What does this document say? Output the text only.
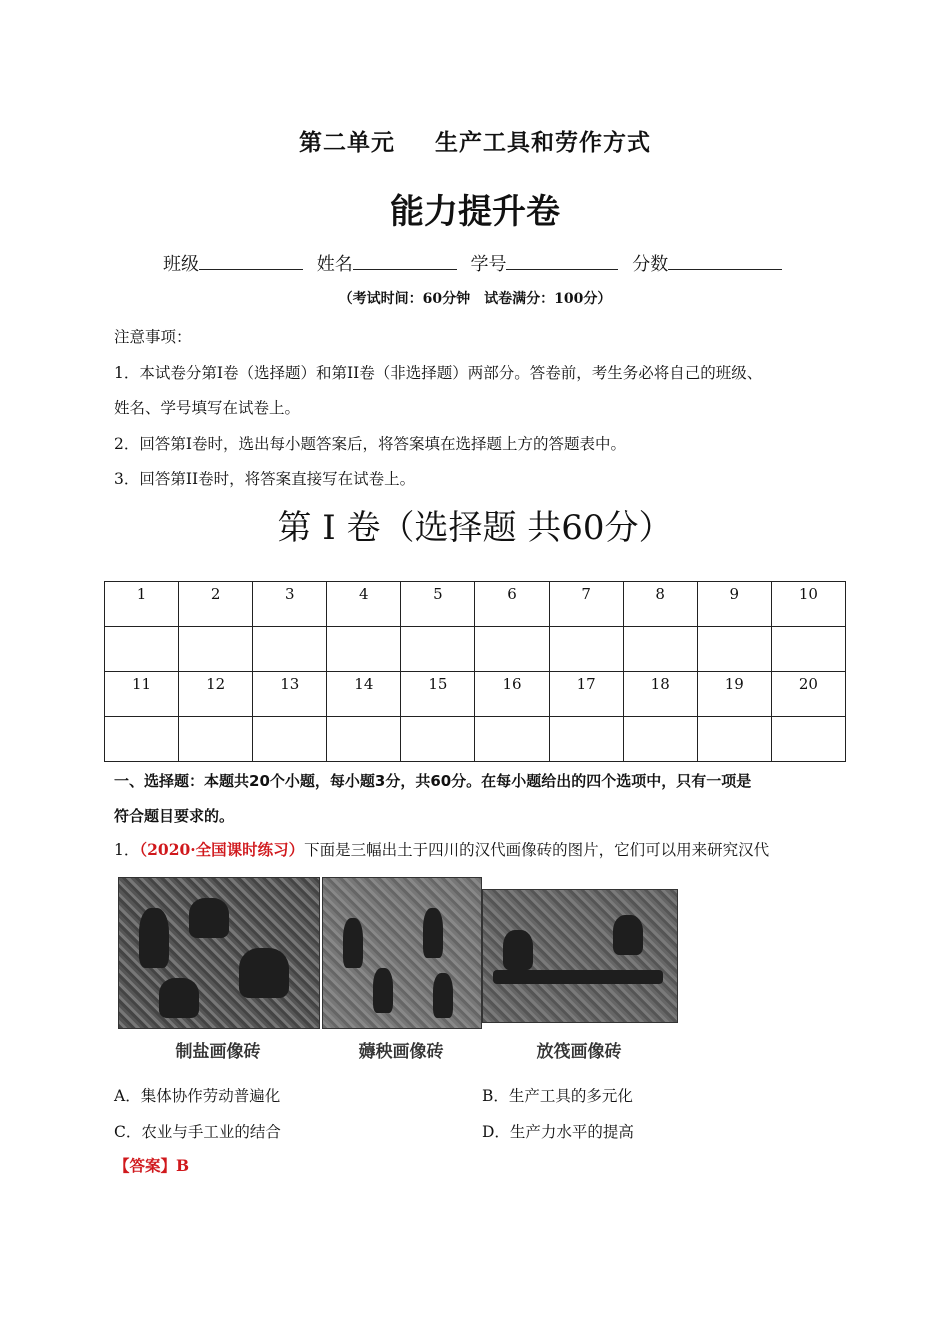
第二单元 生产工具和劳作方式
能力提升卷
班级	姓名	学号	分数
（考试时间：60分钟　试卷满分：100分）

注意事项：

1．本试卷分第I卷（选择题）和第II卷（非选择题）两部分。答卷前，考生务必将自己的班级、

姓名、学号填写在试卷上。

2．回答第I卷时，选出每小题答案后，将答案填在选择题上方的答题表中。

3．回答第II卷时，将答案直接写在试卷上。

第 I 卷（选择题 共60分）
1	2	3	4	5	6	7	8	9	10

11	12	13	14	15	16	17	18	19	20

一、选择题：本题共20个小题，每小题3分，共60分。在每小题给出的四个选项中，只有一项是

符合题目要求的。

1．（2020·全国课时练习）下面是三幅出土于四川的汉代画像砖的图片，它们可以用来研究汉代
制盐画像砖	薅秧画像砖	放筏画像砖
A．集体协作劳动普遍化	B．生产工具的多元化
C．农业与手工业的结合	D．生产力水平的提高
【答案】B
